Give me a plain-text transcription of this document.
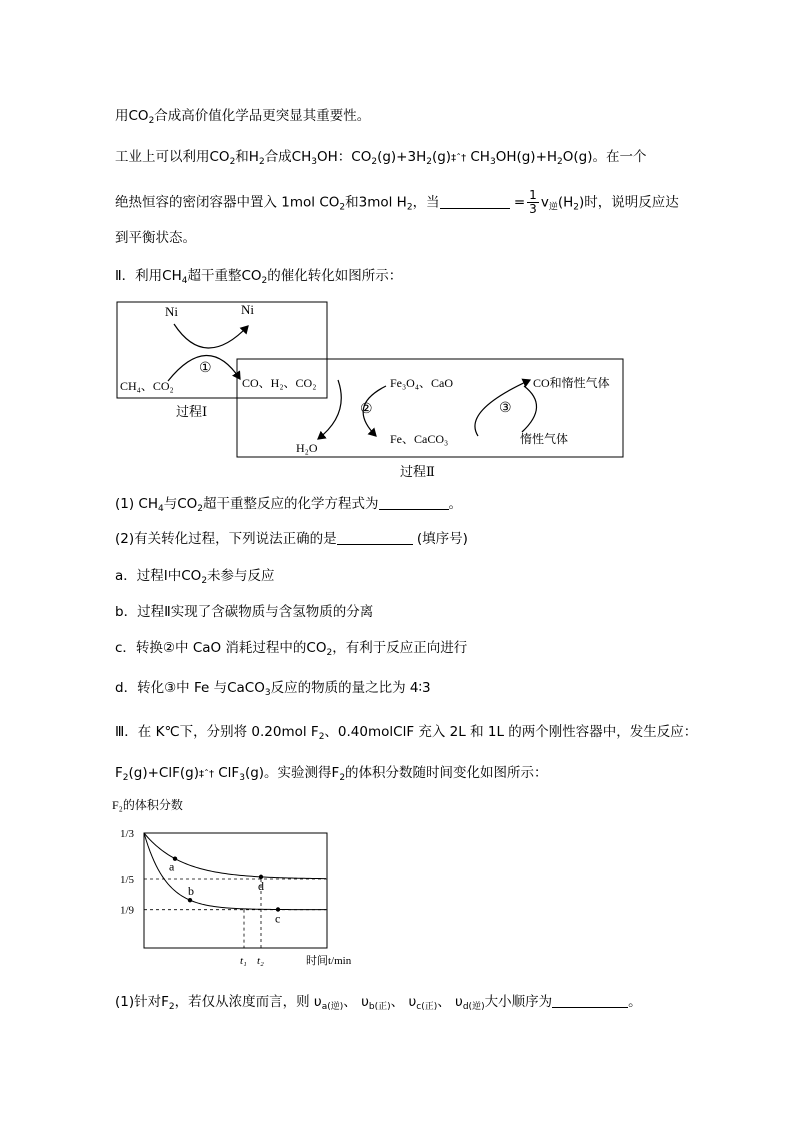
用$CO_2$合成高价值化学品更突显其重要性。
工业上可以利用$CO_2$和$H_2$合成$CH_3OH$：$CO_2(g)+3H_2(g)\ddagger ˆ\dagger$ $CH_3OH(g)+H_2O(g)$。在一个
绝热恒容的密闭容器中置入 1mol $CO_2$和3mol $H_2$，当	= $\frac{1}{3} v_逆(H_2)$时，说明反应达
到平衡状态。
Ⅱ．利用$CH_4$超干重整$CO_2$的催化转化如图所示：
Ni	Ni
①
CH₄、CO₂	CO、H₂、CO₂
过程Ⅰ
Fe₃O₄、CaO
②
H₂O
Fe、CaCO₃
③
CO和惰性气体
惰性气体
过程Ⅱ
(1) $CH_4$与$CO_2$超干重整反应的化学方程式为	。
(2)有关转化过程，下列说法正确的是	(填序号)
a．过程Ⅰ中$CO_2$未参与反应
b．过程Ⅱ实现了含碳物质与含氢物质的分离
c．转换②中 CaO 消耗过程中的$CO_2$，有利于反应正向进行
d．转化③中 Fe 与CaCO$_3$反应的物质的量之比为 4∶3
Ⅲ．在 K℃下，分别将 0.20mol $F_2$、0.40molClF 充入 2L 和 1L 的两个刚性容器中，发生反应：
$F_2(g)+ClF(g)\ddagger ˆ\dagger$ ClF$_3$(g)。实验测得$F_2$的体积分数随时间变化如图所示：
F₂的体积分数
1/3
1/5
1/9
t₁ t₂	时间t/min
a
b
c
d
(1)针对$F_2$，若仅从浓度而言，则 $\upsilon_{a(逆)}$、 $\upsilon_{b(正)}$、 $\upsilon_{c(正)}$、 $\upsilon_{d(逆)}$大小顺序为	。
